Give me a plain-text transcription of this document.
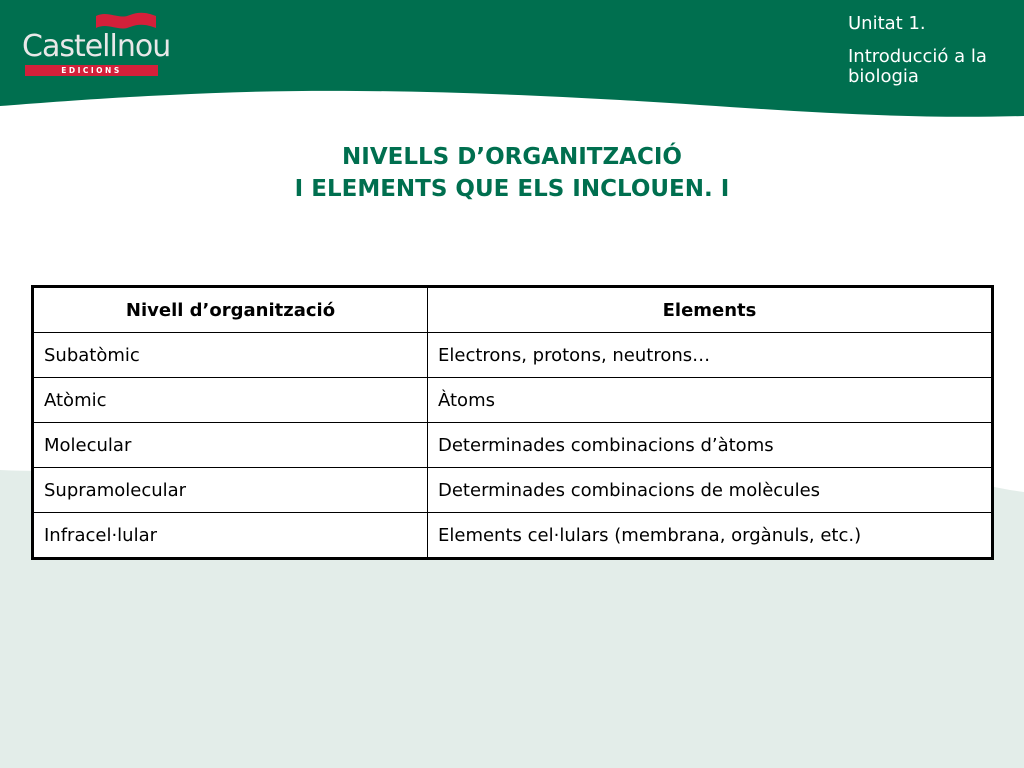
Castellnou
EDICIONS
Unitat 1.
Introducció a la biologia
NIVELLS D’ORGANITZACIÓ
I ELEMENTS QUE ELS INCLOUEN. I
Nivell d’organització	Elements
Subatòmic	Electrons, protons, neutrons…
Atòmic	Àtoms
Molecular	Determinades combinacions d’àtoms
Supramolecular	Determinades combinacions de molècules
Infracel·lular	Elements cel·lulars (membrana, orgànuls, etc.)
